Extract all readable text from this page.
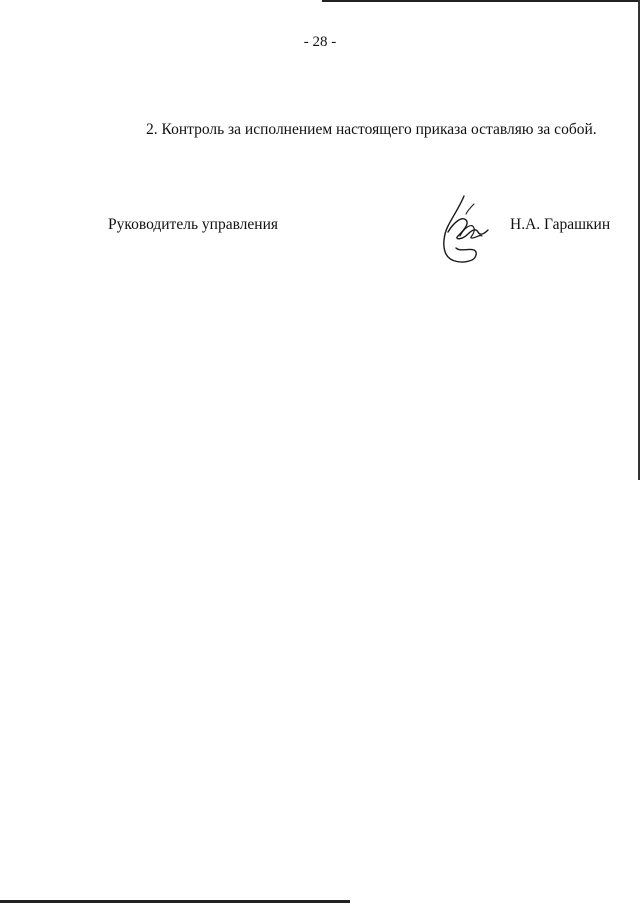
- 28 -
2. Контроль за исполнением настоящего приказа оставляю за собой.
Руководитель управления	Н.А. Гарашкин
